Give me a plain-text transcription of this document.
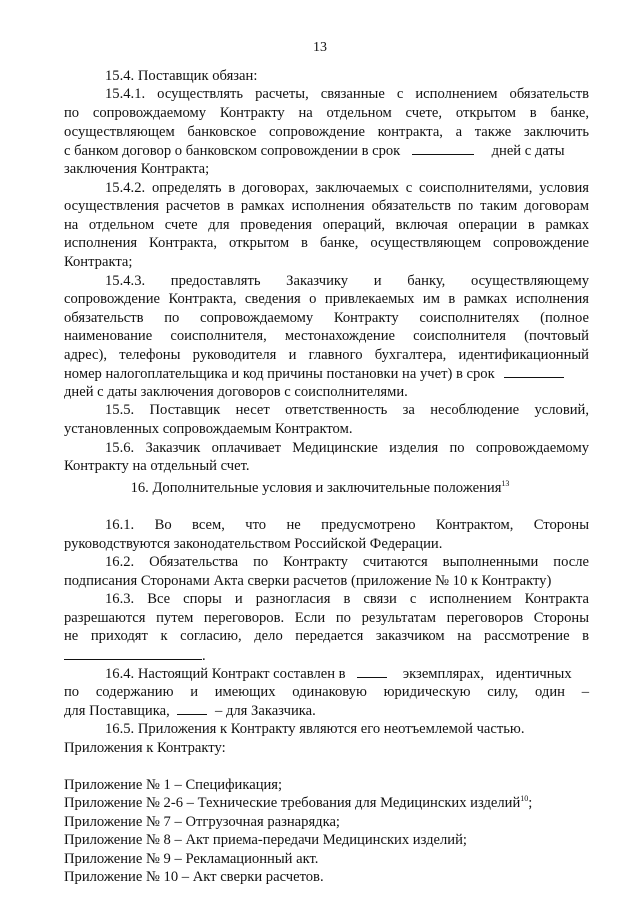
13
15.4. Поставщик обязан:
15.4.1. осуществлять расчеты, связанные с исполнением обязательств
по сопровождаемому Контракту на отдельном счете, открытом в банке,
осуществляющем банковское сопровождение контракта, а также заключить
с банком договор о банковском сопровождении в срок	дней с даты
заключения Контракта;
15.4.2. определять в договорах, заключаемых с соисполнителями, условия
осуществления расчетов в рамках исполнения обязательств по таким договорам
на отдельном счете для проведения операций, включая операции в рамках
исполнения Контракта, открытом в банке, осуществляющем сопровождение
Контракта;
15.4.3. предоставлять Заказчику и банку, осуществляющему
сопровождение Контракта, сведения о привлекаемых им в рамках исполнения
обязательств по сопровождаемому Контракту соисполнителях (полное
наименование соисполнителя, местонахождение соисполнителя (почтовый
адрес), телефоны руководителя и главного бухгалтера, идентификационный
номер налогоплательщика и код причины постановки на учет) в срок
дней с даты заключения договоров с соисполнителями.
15.5. Поставщик несет ответственность за несоблюдение условий,
установленных сопровождаемым Контрактом.
15.6. Заказчик оплачивает Медицинские изделия по сопровождаемому
Контракту на отдельный счет.
16. Дополнительные условия и заключительные положения$^{13}$
16.1. Во всем, что не предусмотрено Контрактом, Стороны
руководствуются законодательством Российской Федерации.
16.2. Обязательства по Контракту считаются выполненными после
подписания Сторонами Акта сверки расчетов (приложение № 10 к Контракту)
16.3. Все споры и разногласия в связи с исполнением Контракта
разрешаются путем переговоров. Если по результатам переговоров Стороны
не приходят к согласию, дело передается заказчиком на рассмотрение в
.
16.4. Настоящий Контракт составлен в	экземплярах, идентичных
по содержанию и имеющих одинаковую юридическую силу, один –
для Поставщика,	– для Заказчика.
16.5. Приложения к Контракту являются его неотъемлемой частью.
Приложения к Контракту:
Приложение № 1 – Спецификация;
Приложение № 2-6 – Технические требования для Медицинских изделий$^{10}$;
Приложение № 7 – Отгрузочная разнарядка;
Приложение № 8 – Акт приема-передачи Медицинских изделий;
Приложение № 9 – Рекламационный акт.
Приложение № 10 – Акт сверки расчетов.
